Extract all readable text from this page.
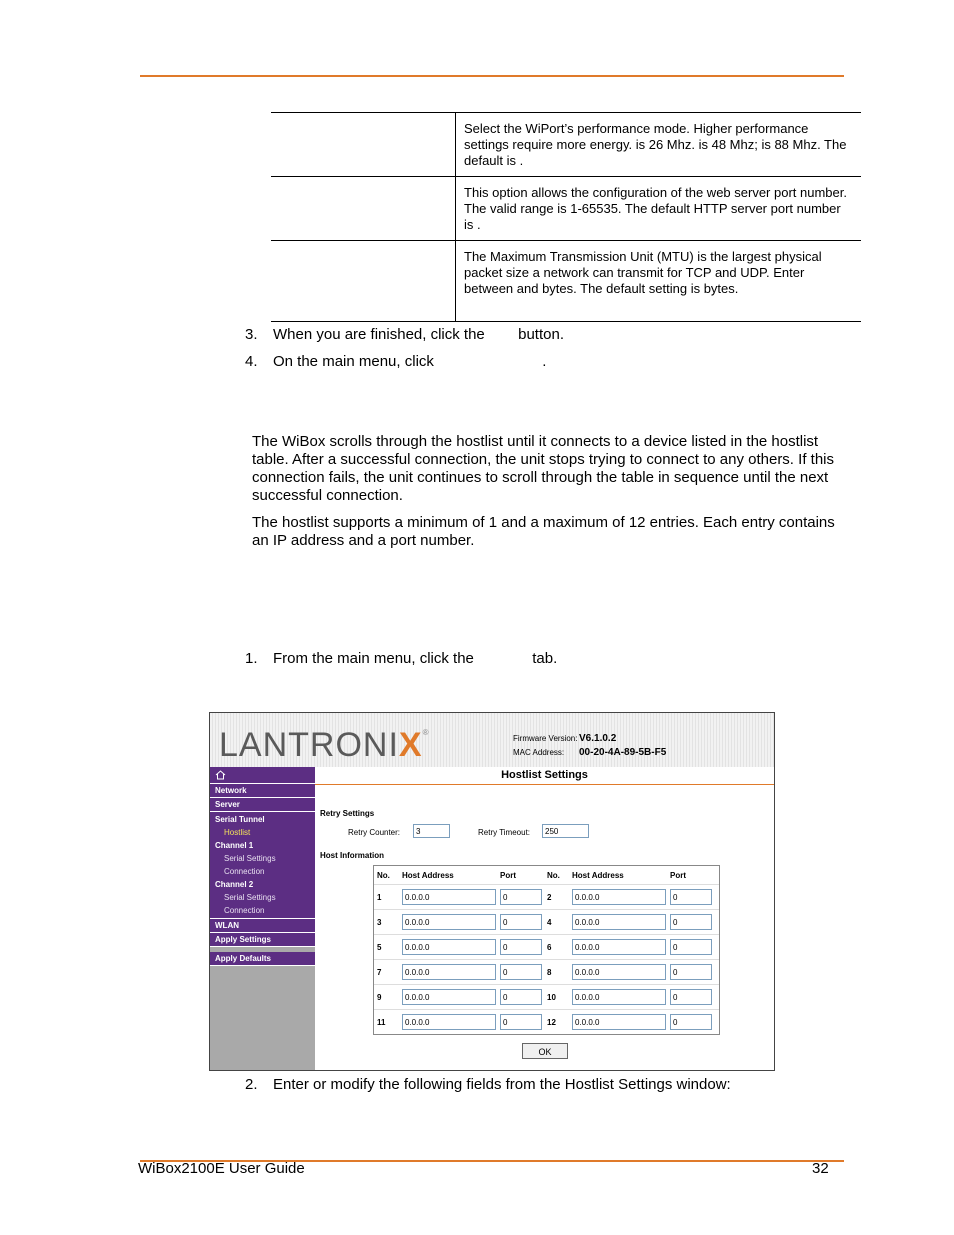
Select the WiPort’s performance mode. Higher performance settings require more energy. is 26 Mhz. is 48 Mhz; is 88 Mhz. The default is .
This option allows the configuration of the web server port number. The valid range is 1-65535. The default HTTP server port number is .
The Maximum Transmission Unit (MTU) is the largest physical packet size a network can transmit for TCP and UDP. Enter between and bytes. The default setting is bytes.
3. When you are finished, click the        button.
4. On the main menu, click                          .
The WiBox scrolls through the hostlist until it connects to a device listed in the hostlist table. After a successful connection, the unit stops trying to connect to any others. If this connection fails, the unit continues to scroll through the table in sequence until the next successful connection.
The hostlist supports a minimum of 1 and a maximum of 12 entries. Each entry contains an IP address and a port number.
1. From the main menu, click the              tab.
LANTRONIX®
Firmware Version: V6.1.0.2
MAC Address: 00-20-4A-89-5B-F5
Network
Server
Serial Tunnel
Hostlist
Channel 1
Serial Settings
Connection
Channel 2
Serial Settings
Connection
WLAN
Apply Settings
Apply Defaults
Hostlist Settings
Retry Settings
Retry Counter:	3	Retry Timeout:	250
Host Information
No.	Host Address	Port	No.	Host Address	Port
1	0.0.0.0	0	2	0.0.0.0	0
3	0.0.0.0	0	4	0.0.0.0	0
5	0.0.0.0	0	6	0.0.0.0	0
7	0.0.0.0	0	8	0.0.0.0	0
9	0.0.0.0	0	10	0.0.0.0	0
11	0.0.0.0	0	12	0.0.0.0	0
OK
2. Enter or modify the following fields from the Hostlist Settings window:
WiBox2100E User Guide	32
